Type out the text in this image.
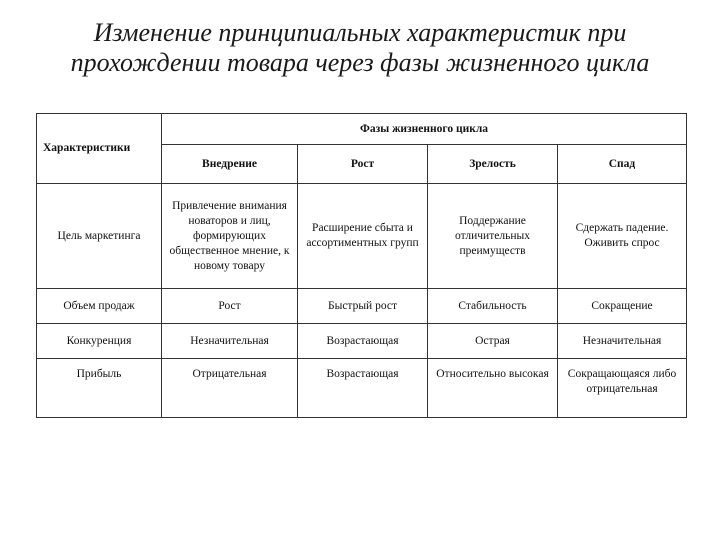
Изменение принципиальных характеристик при
прохождении товара через фазы жизненного цикла
Характеристики	Фазы жизненного цикла			
	Внедрение	Рост	Зрелость	Спад
Цель маркетинга	Привлечение внимания новаторов и лиц, формирующих общественное мнение, к новому товару	Расширение сбыта и ассортиментных групп	Поддержание отличительных преимуществ	Сдержать падение. Оживить спрос
Объем продаж	Рост	Быстрый рост	Стабильность	Сокращение
Конкуренция	Незначительная	Возрастающая	Острая	Незначительная
Прибыль	Отрицательная	Возрастающая	Относительно высокая	Сокращающаяся либо отрицательная
